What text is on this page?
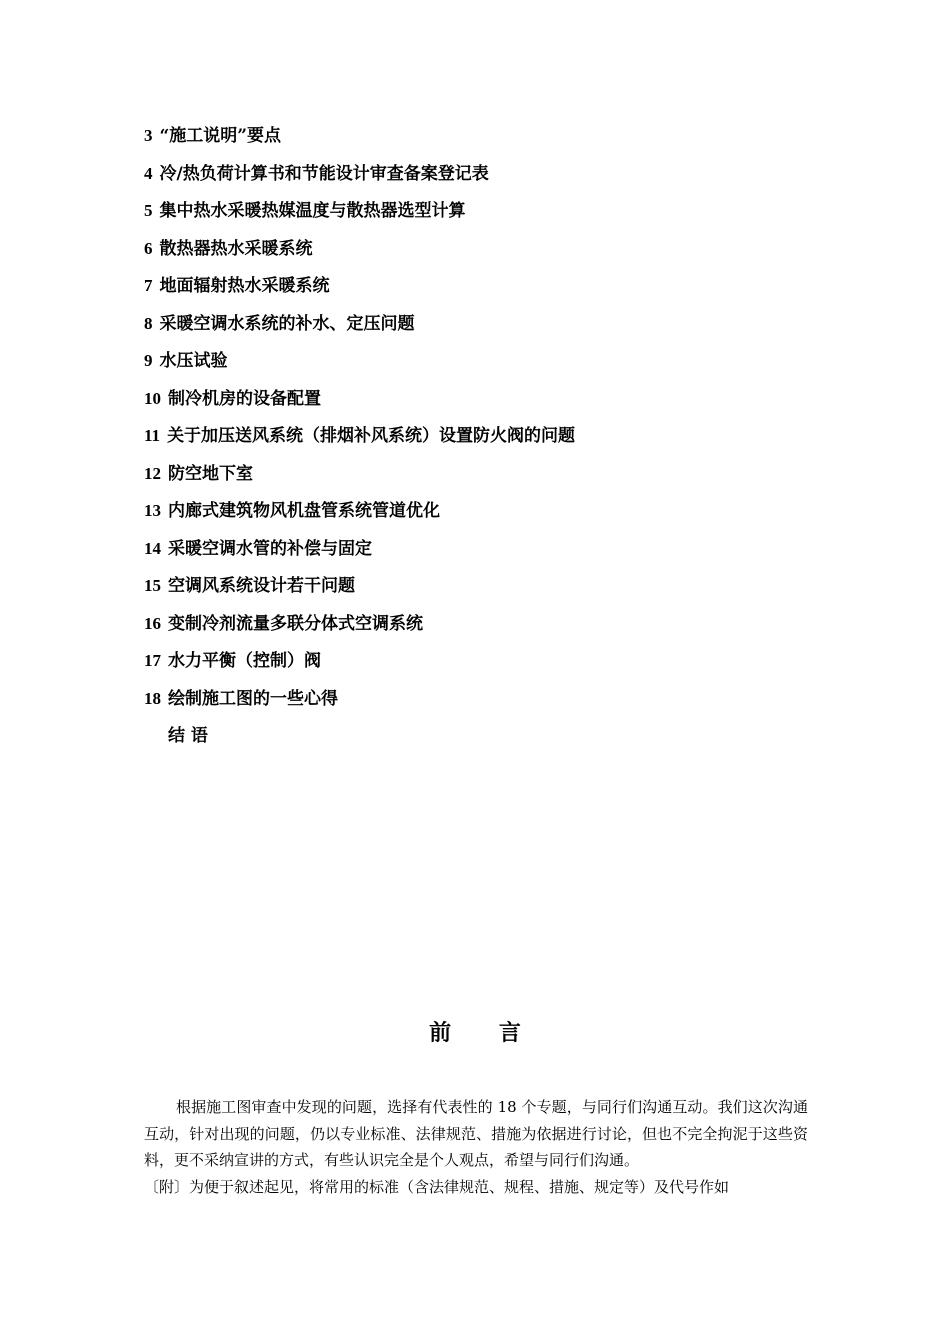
3 “施工说明”要点
4 冷/热负荷计算书和节能设计审查备案登记表
5 集中热水采暖热媒温度与散热器选型计算
6 散热器热水采暖系统
7 地面辐射热水采暖系统
8 采暖空调水系统的补水、定压问题
9 水压试验
10 制冷机房的设备配置
11 关于加压送风系统（排烟补风系统）设置防火阀的问题
12 防空地下室
13 内廊式建筑物风机盘管系统管道优化
14 采暖空调水管的补偿与固定
15 空调风系统设计若干问题
16 变制冷剂流量多联分体式空调系统
17 水力平衡（控制）阀
18 绘制施工图的一些心得
结 语
前 言

根据施工图审查中发现的问题，选择有代表性的 18 个专题，与同行们沟通互动。我们这次沟通互动，针对出现的问题，仍以专业标准、法律规范、措施为依据进行讨论，但也不完全拘泥于这些资料，更不采纳宣讲的方式，有些认识完全是个人观点，希望与同行们沟通。

〔附〕为便于叙述起见，将常用的标准（含法律规范、规程、措施、规定等）及代号作如
